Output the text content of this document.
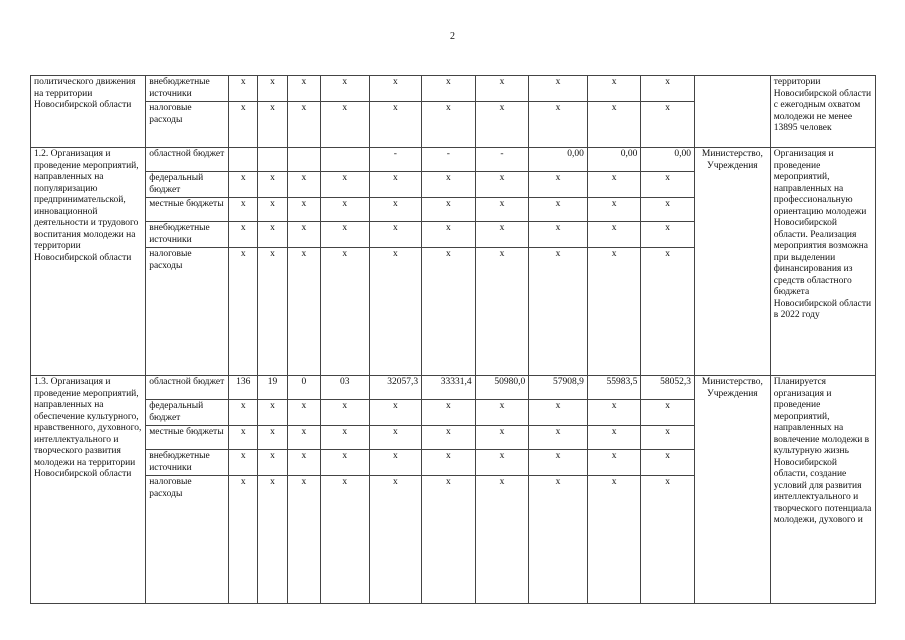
2
политического движения на территории Новосибирской области	внебюджетные источники	х	х	х	х	х	х	х	х	х	х		территории Новосибирской области с ежегодным охватом молодежи не менее 13895 человек
	налоговые расходы	х	х	х	х	х	х	х	х	х	х		
1.2. Организация и проведение мероприятий, направленных на популяризацию предпринимательской, инновационной деятельности и трудового воспитания молодежи на территории Новосибирской области	областной бюджет					-	-	-	0,00	0,00	0,00	Министерство, Учреждения	Организация и проведение мероприятий, направленных на профессиональную ориентацию молодежи Новосибирской области. Реализация мероприятия возможна при выделении финансирования из средств областного бюджета Новосибирской области в 2022 году
	федеральный бюджет	х	х	х	х	х	х	х	х	х	х		
	местные бюджеты	х	х	х	х	х	х	х	х	х	х		
	внебюджетные источники	х	х	х	х	х	х	х	х	х	х		
	налоговые расходы	х	х	х	х	х	х	х	х	х	х		
1.3. Организация и проведение мероприятий, направленных на обеспечение культурного, нравственного, духовного, интеллектуального и творческого развития молодежи на территории Новосибирской области	областной бюджет	136	19	0	03	32057,3	33331,4	50980,0	57908,9	55983,5	58052,3	Министерство, Учреждения	Планируется организация и проведение мероприятий, направленных на вовлечение молодежи в культурную жизнь Новосибирской области, создание условий для развития интеллектуального и творческого потенциала молодежи, духового и
	федеральный бюджет	х	х	х	х	х	х	х	х	х	х		
	местные бюджеты	х	х	х	х	х	х	х	х	х	х		
	внебюджетные источники	х	х	х	х	х	х	х	х	х	х		
	налоговые расходы	х	х	х	х	х	х	х	х	х	х		
